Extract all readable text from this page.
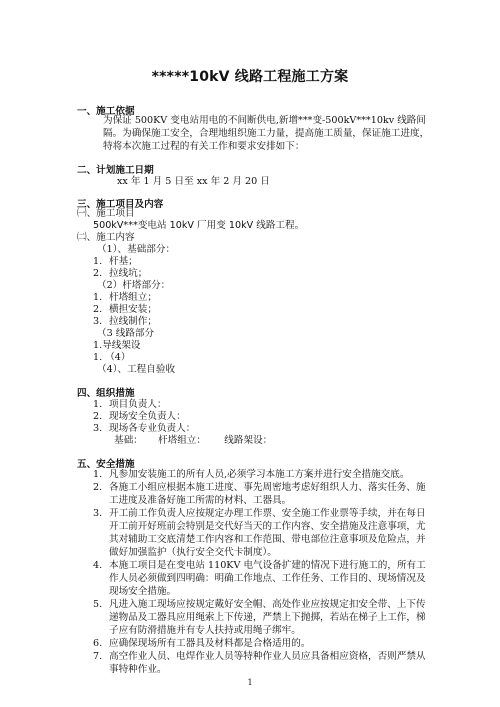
*****10kV 线路工程施工方案
一、施工依据
为保证 500KV 变电站用电的不间断供电,新增***变-500kV***10kv 线路间隔。为确保施工安全，合理地组织施工力量，提高施工质量，保证施工进度，特将本次施工过程的有关工作和要求安排如下：
二、计划施工日期
xx 年 1 月 5 日至 xx 年 2 月 20 日
三、施工项目及内容
㈠、施工项目
500kV***变电站 10kV 厂用变 10kV 线路工程。
㈡、施工内容
（1）、基础部分：
1. 杆基；
2. 拉线坑；
（2）杆塔部分：
1. 杆塔组立；
2. 横担安装；
3. 拉线制作；
（3 线路部分
1.导线架设
1. （4）
（4）、工程自验收
四、组织措施
1. 项目负责人：
2. 现场安全负责人：
3. 现场各专业负责人：
基础：     杆塔组立：      线路架设：
五、安全措施
1. 凡参加安装施工的所有人员,必须学习本施工方案并进行安全措施交底。
2. 各施工小组应根据本施工进度、事先周密地考虑好组织人力、落实任务、施工进度及准备好施工所需的材料、工器具。
3. 开工前工作负责人应按规定办理工作票、安全施工作业票等手续，并在每日开工前开好班前会特别是交代好当天的工作内容、安全措施及注意事项，尤其对辅助工交底清楚工作内容和工作范围、带电部位注意事项及危险点，并做好加强监护（执行安全交代卡制度）。
4. 本施工项目是在变电站 110KV 电气设备扩建的情况下进行施工的，所有工作人员必须做到四明确：明确工作地点、工作任务、工作目的、现场情况及现场安全措施。
5. 凡进入施工现场应按规定戴好安全帽、高处作业应按规定扣安全带、上下传递物品及工器具应用绳索上下传递，严禁上下抛掷，若站在梯子上工作，梯子应有防滑措施并有专人扶持或用绳子绑牢。
6. 应确保现场所有工器具及材料都是合格适用的。
7. 高空作业人员、电焊作业人员等特种作业人员应具备相应资格，否则严禁从事特种作业。
1
